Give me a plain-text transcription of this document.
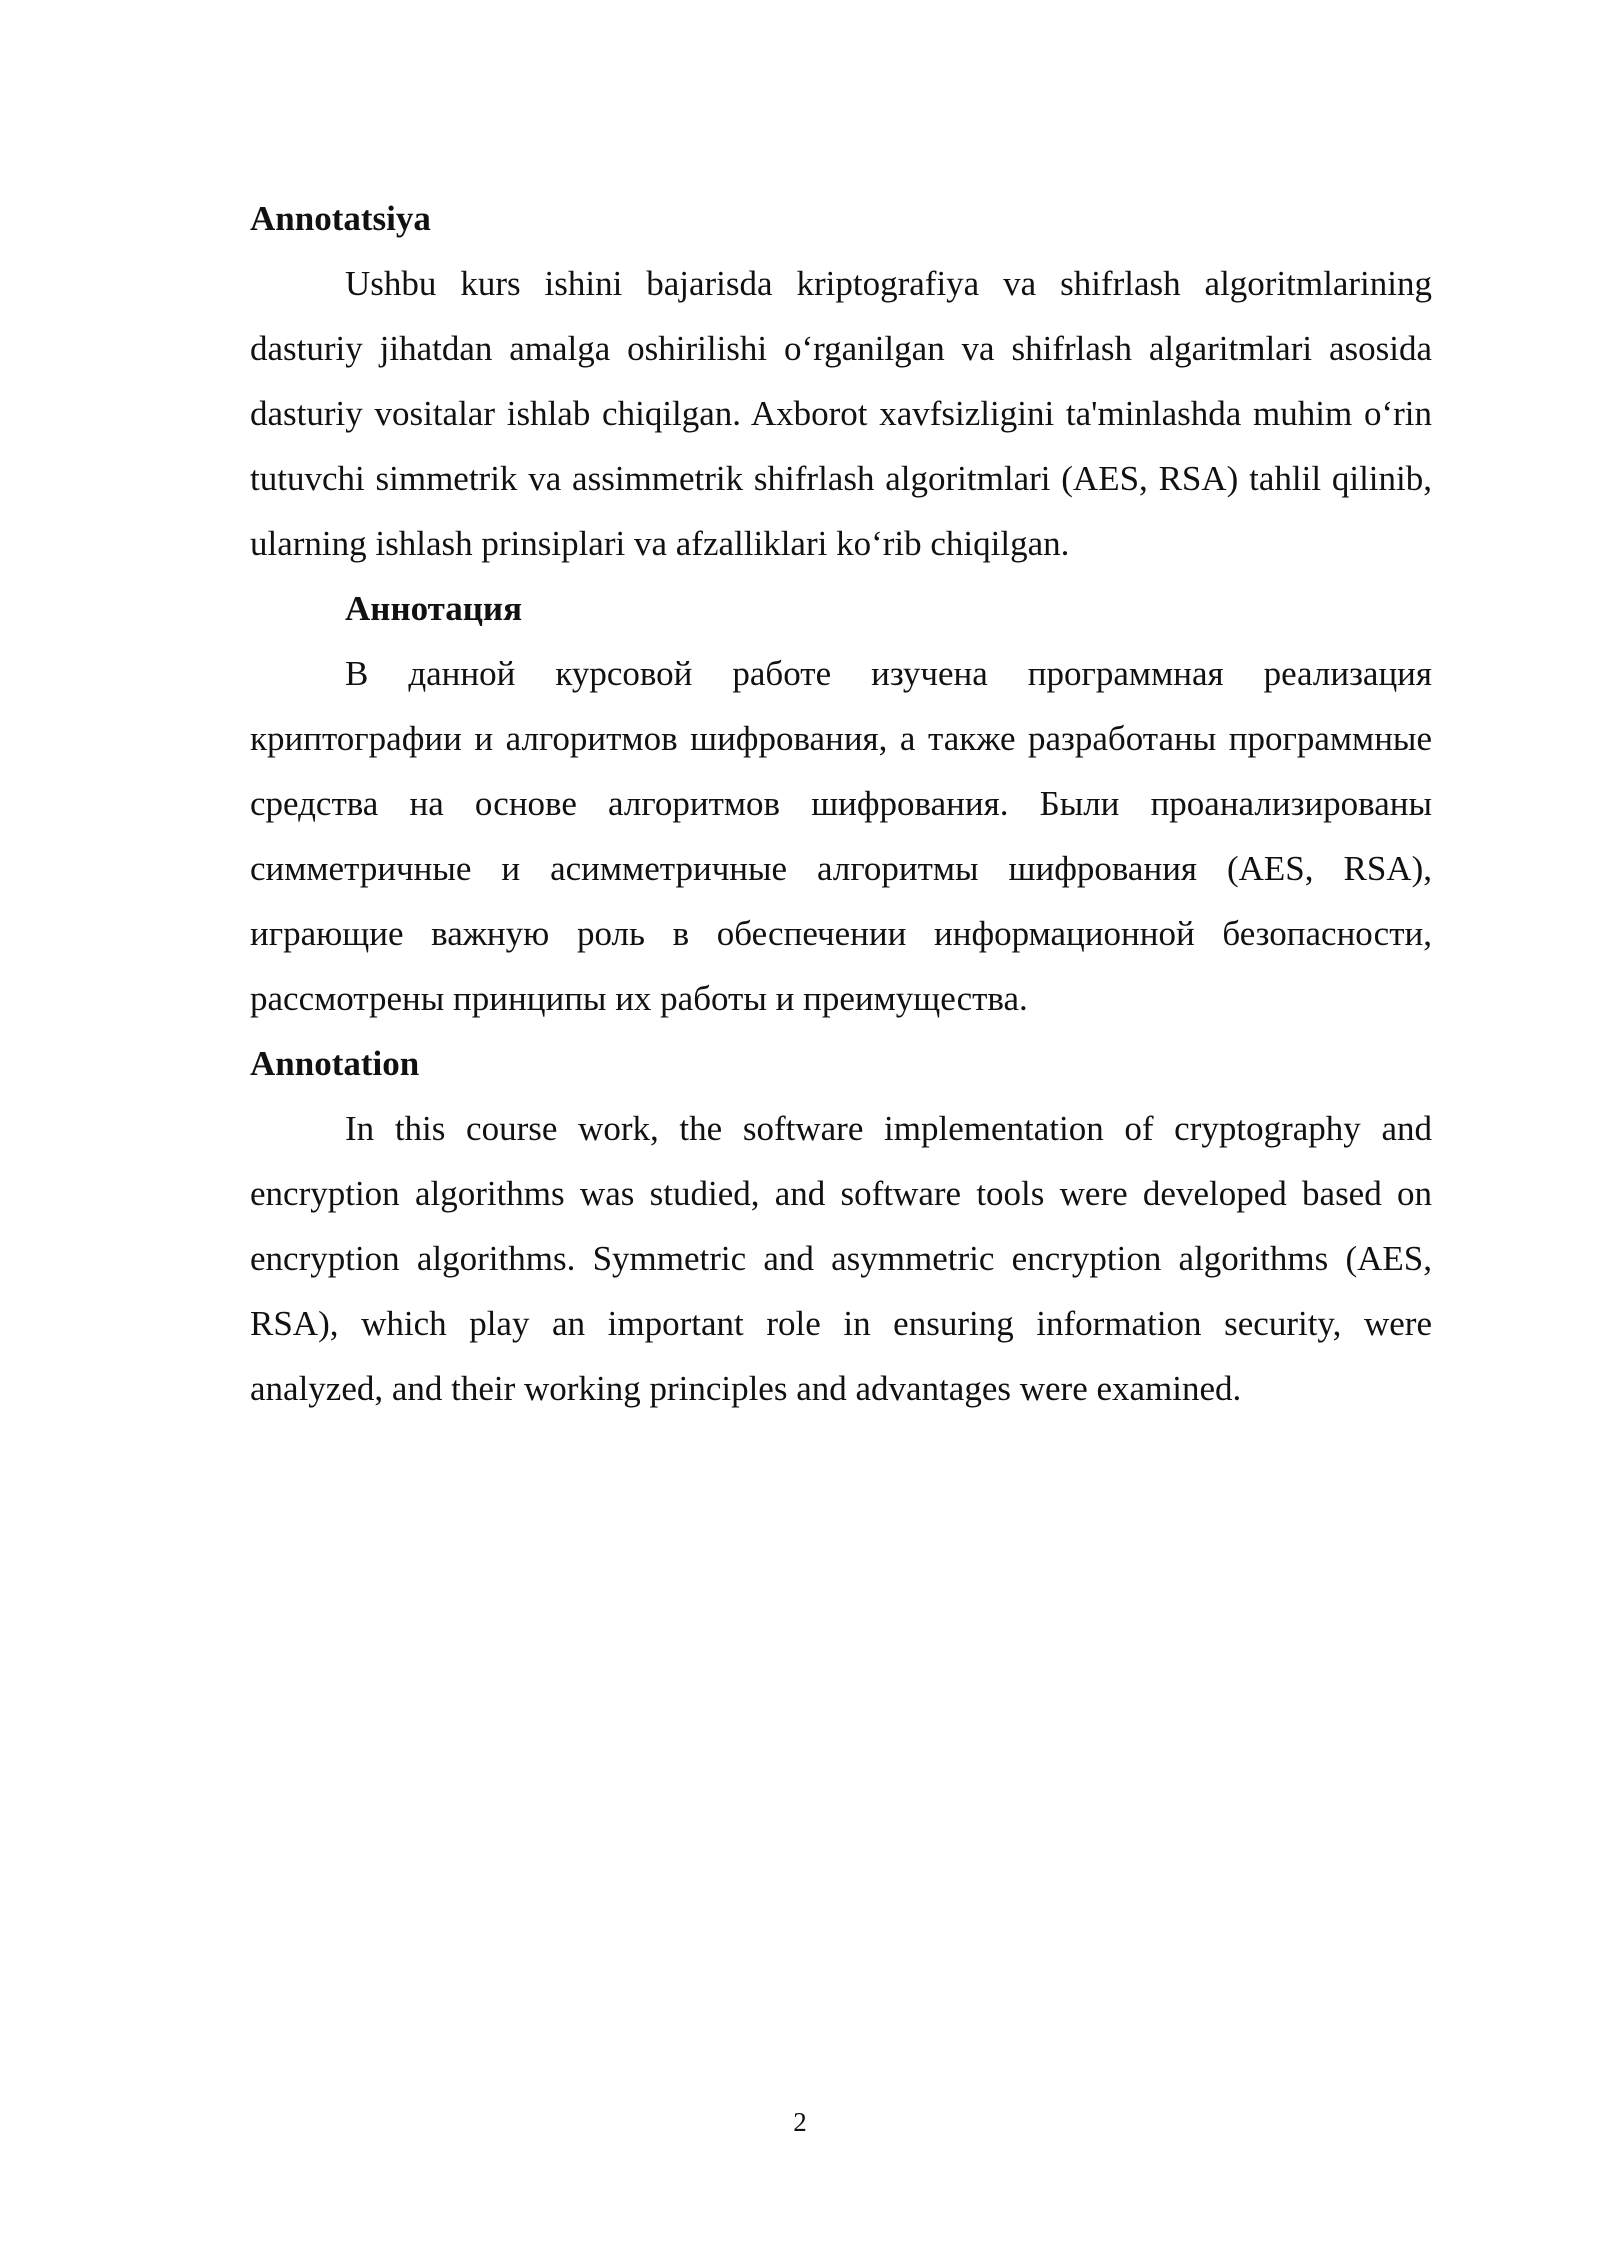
Annotatsiya

Ushbu kurs ishini bajarisda kriptografiya va shifrlash algoritmlarining dasturiy jihatdan amalga oshirilishi o‘rganilgan va shifrlash algaritmlari asosida dasturiy vositalar ishlab chiqilgan. Axborot xavfsizligini ta'minlashda muhim o‘rin tutuvchi simmetrik va assimmetrik shifrlash algoritmlari (AES, RSA) tahlil qilinib, ularning ishlash prinsiplari va afzalliklari ko‘rib chiqilgan.

Аннотация

В данной курсовой работе изучена программная реализация криптографии и алгоритмов шифрования, а также разработаны программные средства на основе алгоритмов шифрования. Были проанализированы симметричные и асимметричные алгоритмы шифрования (AES, RSA), играющие важную роль в обеспечении информационной безопасности, рассмотрены принципы их работы и преимущества.

Annotation

In this course work, the software implementation of cryptography and encryption algorithms was studied, and software tools were developed based on encryption algorithms. Symmetric and asymmetric encryption algorithms (AES, RSA), which play an important role in ensuring information security, were analyzed, and their working principles and advantages were examined.

2
